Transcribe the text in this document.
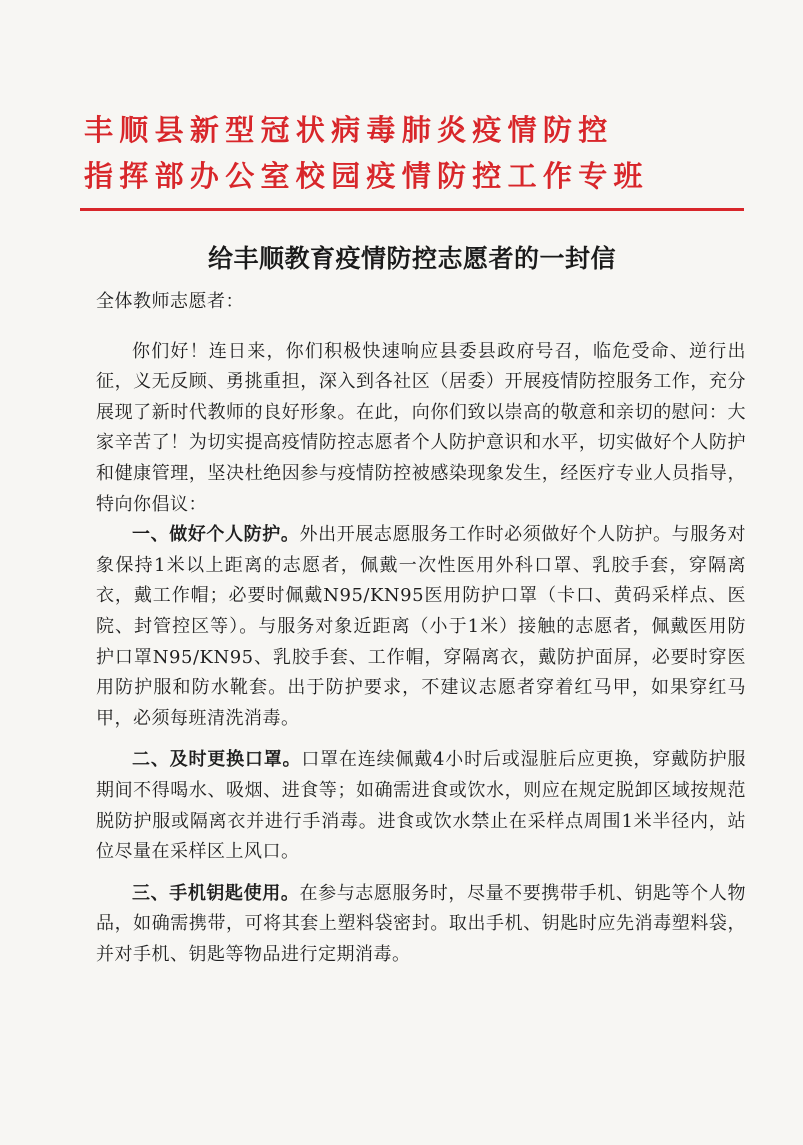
丰顺县新型冠状病毒肺炎疫情防控
指挥部办公室校园疫情防控工作专班
给丰顺教育疫情防控志愿者的一封信

全体教师志愿者：

你们好！连日来，你们积极快速响应县委县政府号召，临危受命、逆行出征，义无反顾、勇挑重担，深入到各社区（居委）开展疫情防控服务工作，充分展现了新时代教师的良好形象。在此，向你们致以崇高的敬意和亲切的慰问：大家辛苦了！为切实提高疫情防控志愿者个人防护意识和水平，切实做好个人防护和健康管理，坚决杜绝因参与疫情防控被感染现象发生，经医疗专业人员指导，特向你倡议：

一、做好个人防护。外出开展志愿服务工作时必须做好个人防护。与服务对象保持1米以上距离的志愿者，佩戴一次性医用外科口罩、乳胶手套，穿隔离衣，戴工作帽；必要时佩戴N95/KN95医用防护口罩（卡口、黄码采样点、医院、封管控区等）。与服务对象近距离（小于1米）接触的志愿者，佩戴医用防护口罩N95/KN95、乳胶手套、工作帽，穿隔离衣，戴防护面屏，必要时穿医用防护服和防水靴套。出于防护要求，不建议志愿者穿着红马甲，如果穿红马甲，必须每班清洗消毒。

二、及时更换口罩。口罩在连续佩戴4小时后或湿脏后应更换，穿戴防护服期间不得喝水、吸烟、进食等；如确需进食或饮水，则应在规定脱卸区域按规范脱防护服或隔离衣并进行手消毒。进食或饮水禁止在采样点周围1米半径内，站位尽量在采样区上风口。

三、手机钥匙使用。在参与志愿服务时，尽量不要携带手机、钥匙等个人物品，如确需携带，可将其套上塑料袋密封。取出手机、钥匙时应先消毒塑料袋，并对手机、钥匙等物品进行定期消毒。
